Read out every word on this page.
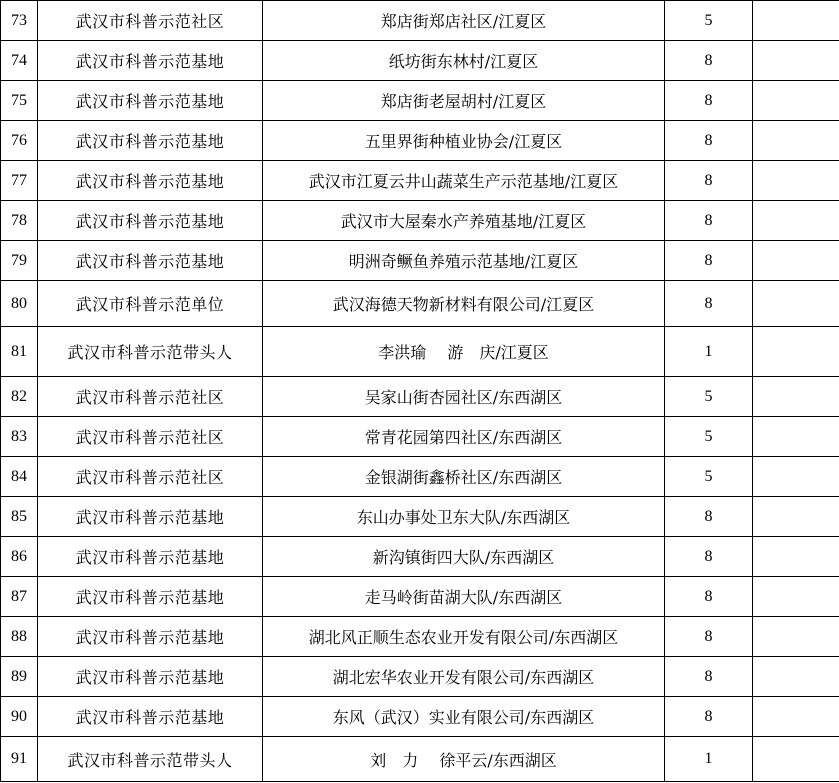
73	武汉市科普示范社区	郑店街郑店社区/江夏区	5	
74	武汉市科普示范基地	纸坊街东林村/江夏区	8	
75	武汉市科普示范基地	郑店街老屋胡村/江夏区	8	
76	武汉市科普示范基地	五里界街种植业协会/江夏区	8	
77	武汉市科普示范基地	武汉市江夏云井山蔬菜生产示范基地/江夏区	8	
78	武汉市科普示范基地	武汉市大屋秦水产养殖基地/江夏区	8	
79	武汉市科普示范基地	明洲奇鳜鱼养殖示范基地/江夏区	8	
80	武汉市科普示范单位	武汉海德天物新材料有限公司/江夏区	8	
81	武汉市科普示范带头人	李洪瑜　 游　庆/江夏区	1	
82	武汉市科普示范社区	吴家山街杏园社区/东西湖区	5	
83	武汉市科普示范社区	常青花园第四社区/东西湖区	5	
84	武汉市科普示范社区	金银湖街鑫桥社区/东西湖区	5	
85	武汉市科普示范基地	东山办事处卫东大队/东西湖区	8	
86	武汉市科普示范基地	新沟镇街四大队/东西湖区	8	
87	武汉市科普示范基地	走马岭街苗湖大队/东西湖区	8	
88	武汉市科普示范基地	湖北风正顺生态农业开发有限公司/东西湖区	8	
89	武汉市科普示范基地	湖北宏华农业开发有限公司/东西湖区	8	
90	武汉市科普示范基地	东风（武汉）实业有限公司/东西湖区	8	
91	武汉市科普示范带头人	刘　力　 徐平云/东西湖区	1	
